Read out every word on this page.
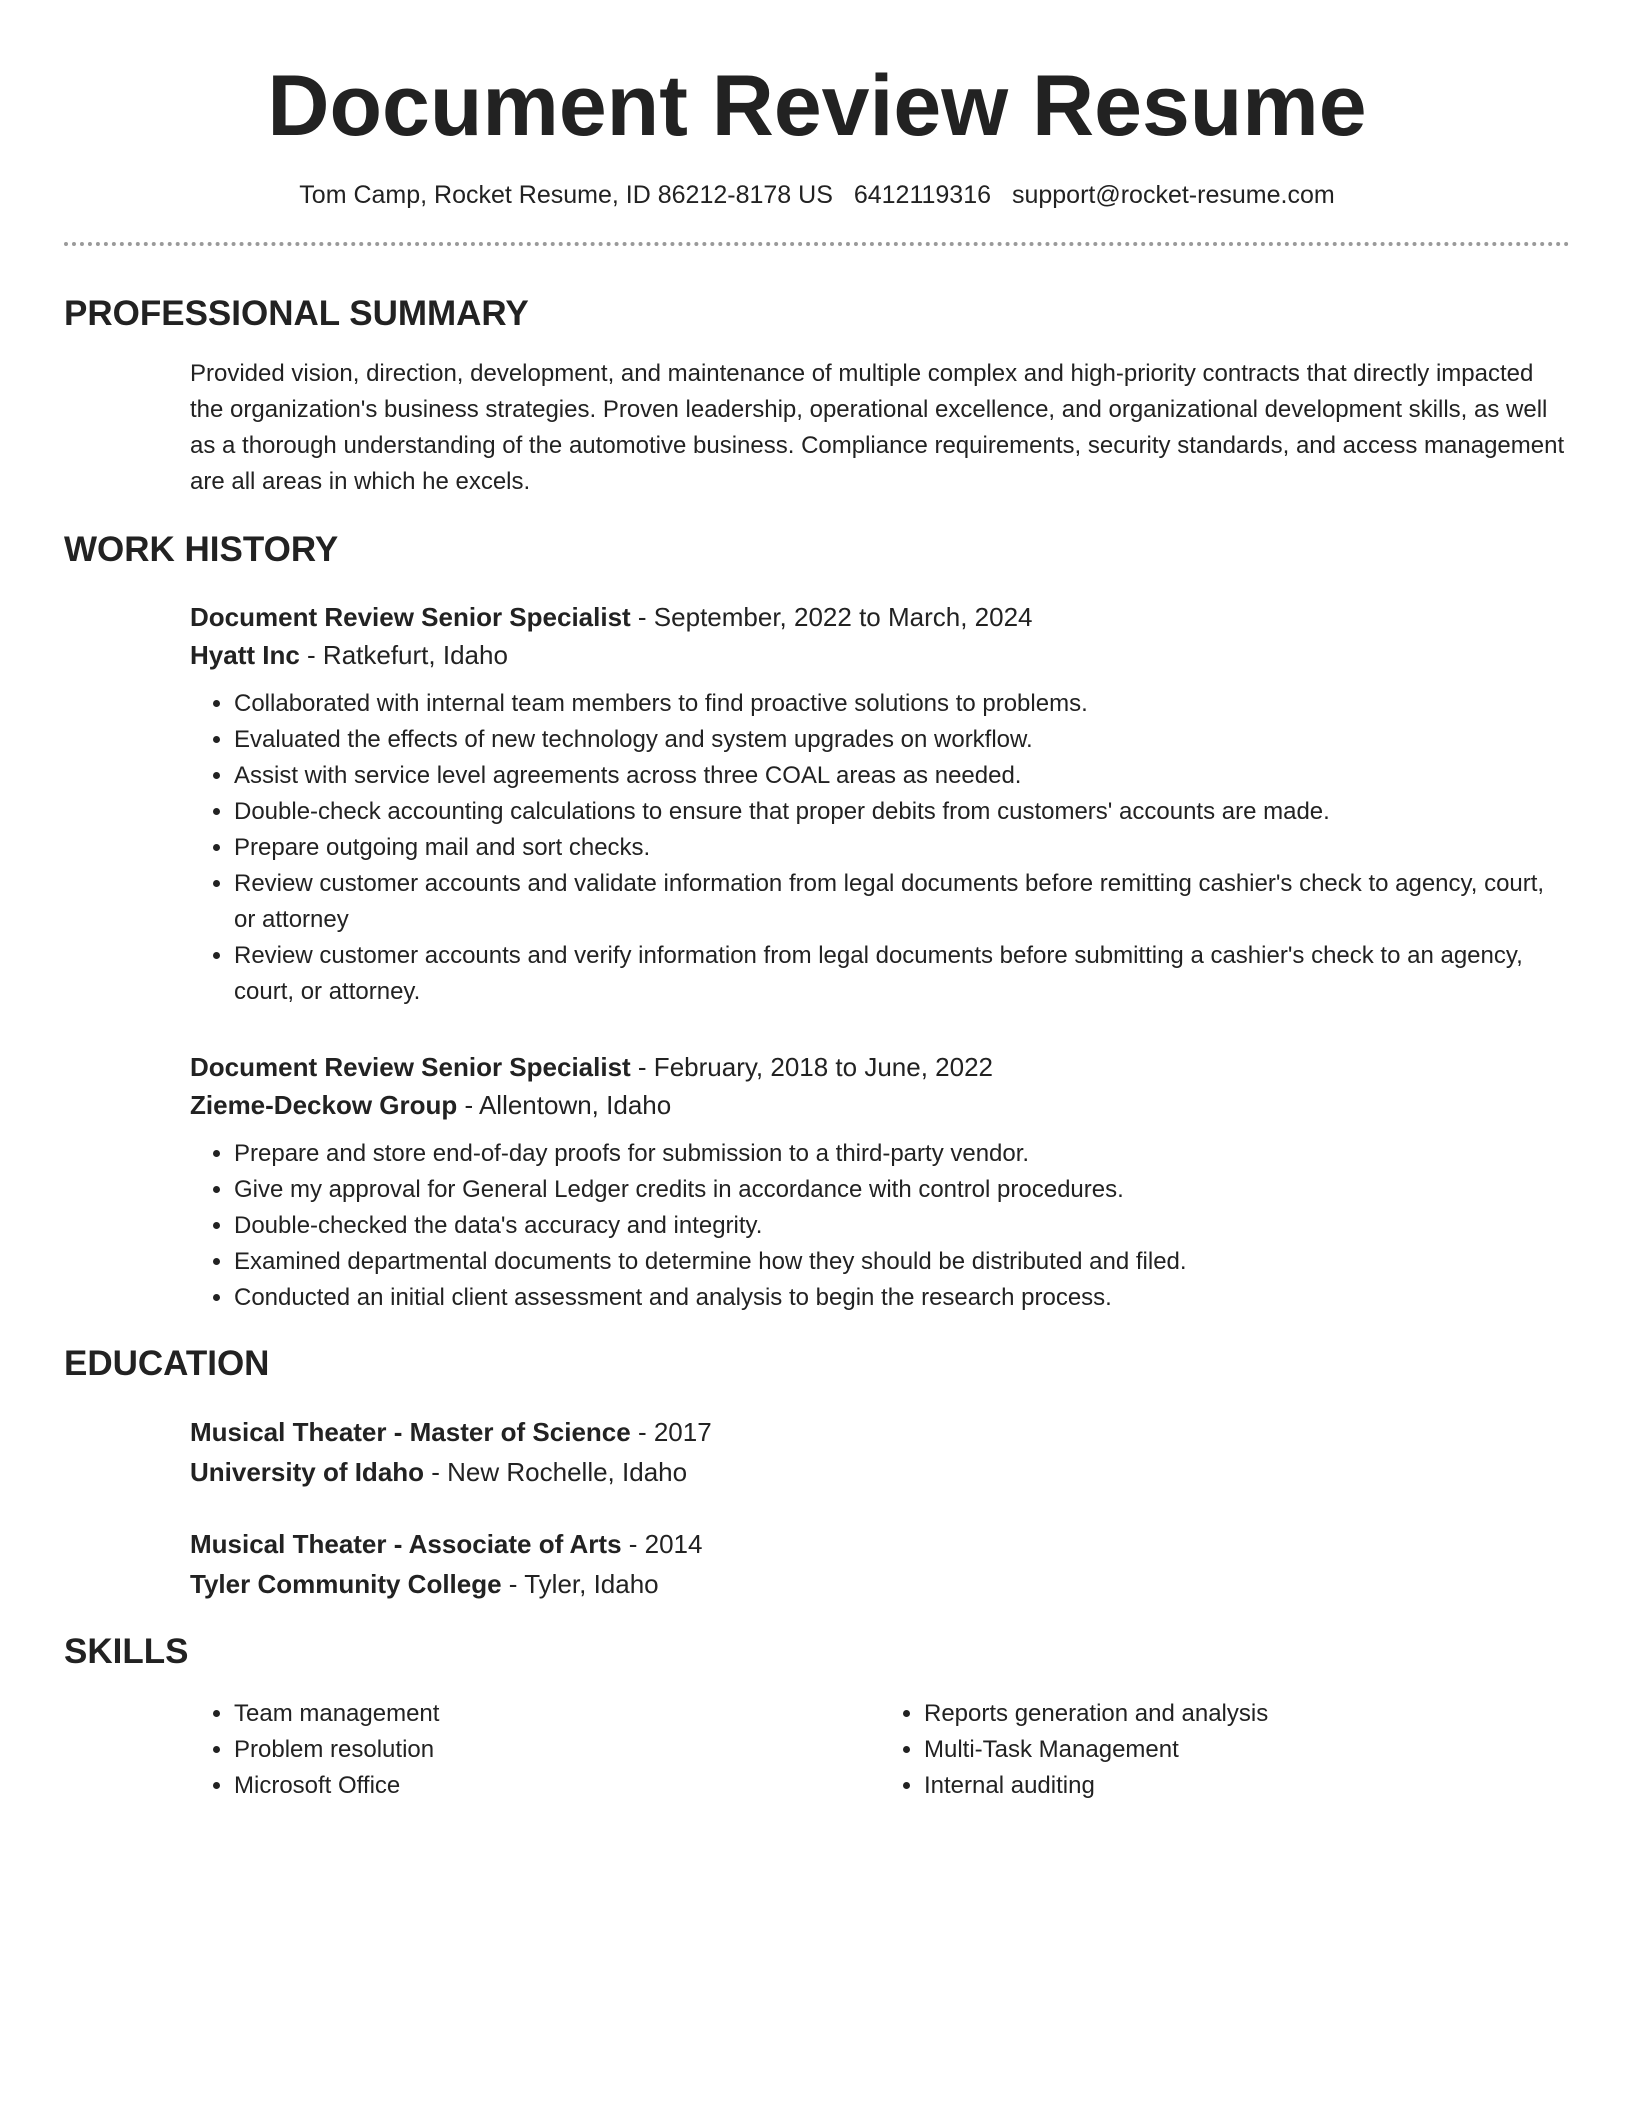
Document Review Resume
Tom Camp, Rocket Resume, ID 86212-8178 US 6412119316 support@rocket-resume.com
PROFESSIONAL SUMMARY
Provided vision, direction, development, and maintenance of multiple complex and high-priority contracts that directly impacted the organization's business strategies. Proven leadership, operational excellence, and organizational development skills, as well as a thorough understanding of the automotive business. Compliance requirements, security standards, and access management are all areas in which he excels.
WORK HISTORY
Document Review Senior Specialist - September, 2022 to March, 2024
Hyatt Inc - Ratkefurt, Idaho
• Collaborated with internal team members to find proactive solutions to problems.
• Evaluated the effects of new technology and system upgrades on workflow.
• Assist with service level agreements across three COAL areas as needed.
• Double-check accounting calculations to ensure that proper debits from customers' accounts are made.
• Prepare outgoing mail and sort checks.
• Review customer accounts and validate information from legal documents before remitting cashier's check to agency, court, or attorney
• Review customer accounts and verify information from legal documents before submitting a cashier's check to an agency, court, or attorney.
Document Review Senior Specialist - February, 2018 to June, 2022
Zieme-Deckow Group - Allentown, Idaho
• Prepare and store end-of-day proofs for submission to a third-party vendor.
• Give my approval for General Ledger credits in accordance with control procedures.
• Double-checked the data's accuracy and integrity.
• Examined departmental documents to determine how they should be distributed and filed.
• Conducted an initial client assessment and analysis to begin the research process.
EDUCATION
Musical Theater - Master of Science - 2017
University of Idaho - New Rochelle, Idaho
Musical Theater - Associate of Arts - 2014
Tyler Community College - Tyler, Idaho
SKILLS
• Team management
• Problem resolution
• Microsoft Office
• Reports generation and analysis
• Multi-Task Management
• Internal auditing
